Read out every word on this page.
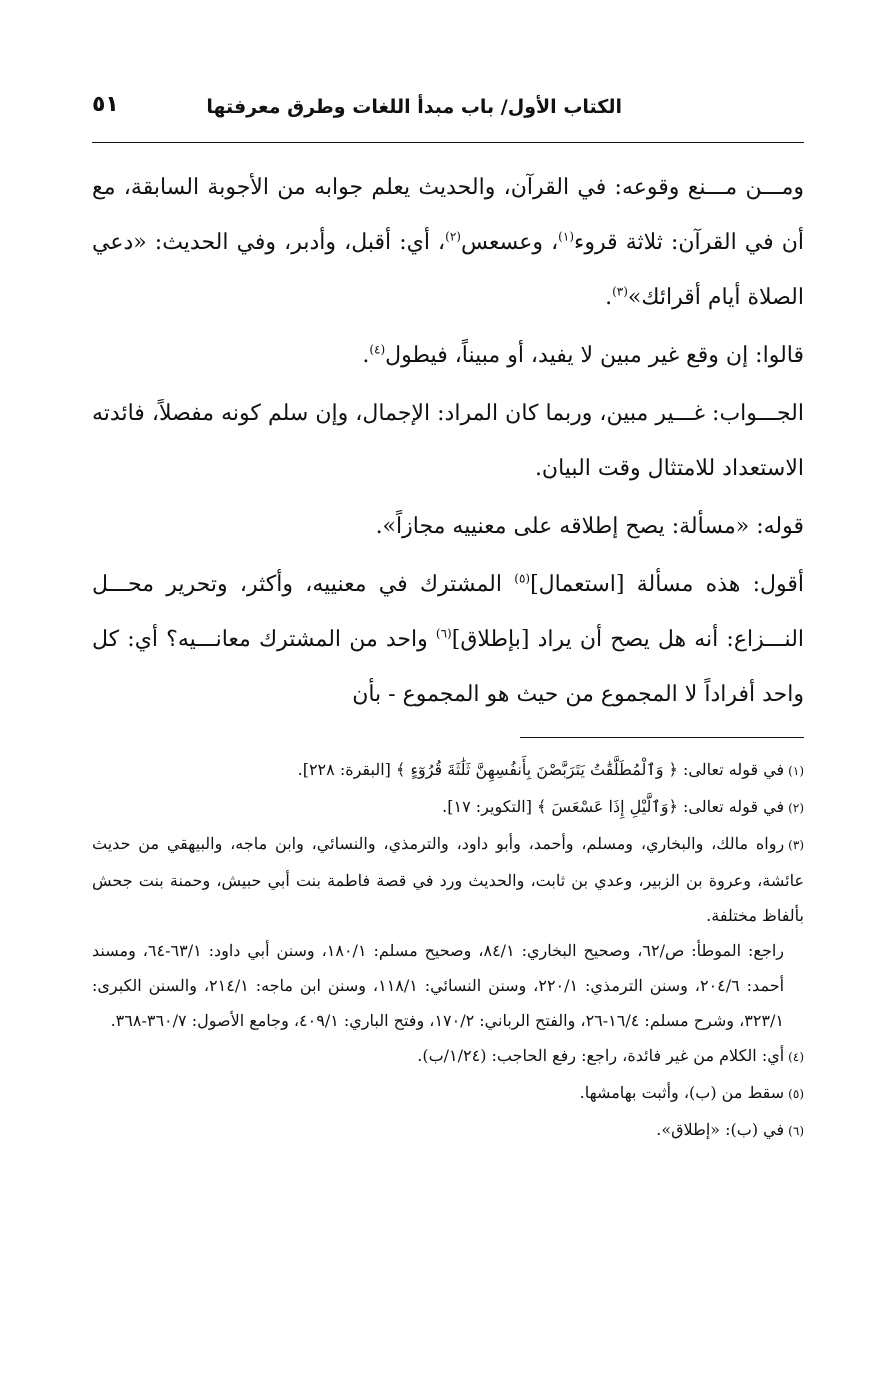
الكتاب الأول/ باب مبدأ اللغات وطرق معرفتها
٥١

ومـــن مـــنع وقوعه: في القرآن، والحديث يعلم جوابه من الأجوبة السابقة، مع أن في القرآن: ثلاثة قروء$^{(١)}$، وعسعس$^{(٢)}$، أي: أقبل، وأدبر، وفي الحديث: «دعي الصلاة أيام أقرائك»$^{(٣)}$.

قالوا: إن وقع غير مبين لا يفيد، أو مبيناً، فيطول$^{(٤)}$.

الجـــواب: غـــير مبين، وربما كان المراد: الإجمال، وإن سلم كونه مفصلاً، فائدته الاستعداد للامتثال وقت البيان.

قوله: «مسألة: يصح إطلاقه على معنييه مجازاً».

أقول: هذه مسألة [استعمال]$^{(٥)}$ المشترك في معنييه، وأكثر، وتحرير محـــل النـــزاع: أنه هل يصح أن يراد [بإطلاق]$^{(٦)}$ واحد من المشترك معانـــيه؟ أي: كل واحد أفراداً لا المجموع من حيث هو المجموع - بأن

(١)في قوله تعالى: ﴿ وَٱلْمُطَلَّقَٰتُ يَتَرَبَّصْنَ بِأَنفُسِهِنَّ ثَلَٰثَةَ قُرُوٓءٍ ﴾ [البقرة: ٢٢٨].

(٢)في قوله تعالى: ﴿وَٱلَّيْلِ إِذَا عَسْعَسَ ﴾ [التكوير: ١٧].

(٣)رواه مالك، والبخاري، ومسلم، وأحمد، وأبو داود، والترمذي، والنسائي، وابن ماجه، والبيهقي من حديث عائشة، وعروة بن الزبير، وعدي بن ثابت، والحديث ورد في قصة فاطمة بنت أبي حبيش، وحمنة بنت جحش بألفاظ مختلفة.

راجع: الموطأ: ص/٦٢، وصحيح البخاري: ٨٤/١، وصحيح مسلم: ١٨٠/١، وسنن أبي داود: ٦٣/١-٦٤، ومسند أحمد: ٢٠٤/٦، وسنن الترمذي: ٢٢٠/١، وسنن النسائي: ١١٨/١، وسنن ابن ماجه: ٢١٤/١، والسنن الكبرى: ٣٢٣/١، وشرح مسلم: ١٦/٤-٢٦، والفتح الرباني: ١٧٠/٢، وفتح الباري: ٤٠٩/١، وجامع الأصول: ٣٦٠/٧-٣٦٨.

(٤)أي: الكلام من غير فائدة، راجع: رفع الحاجب: (١/٢٤/ب).

(٥)سقط من (ب)، وأثبت بهامشها.

(٦)في (ب): «إطلاق».
